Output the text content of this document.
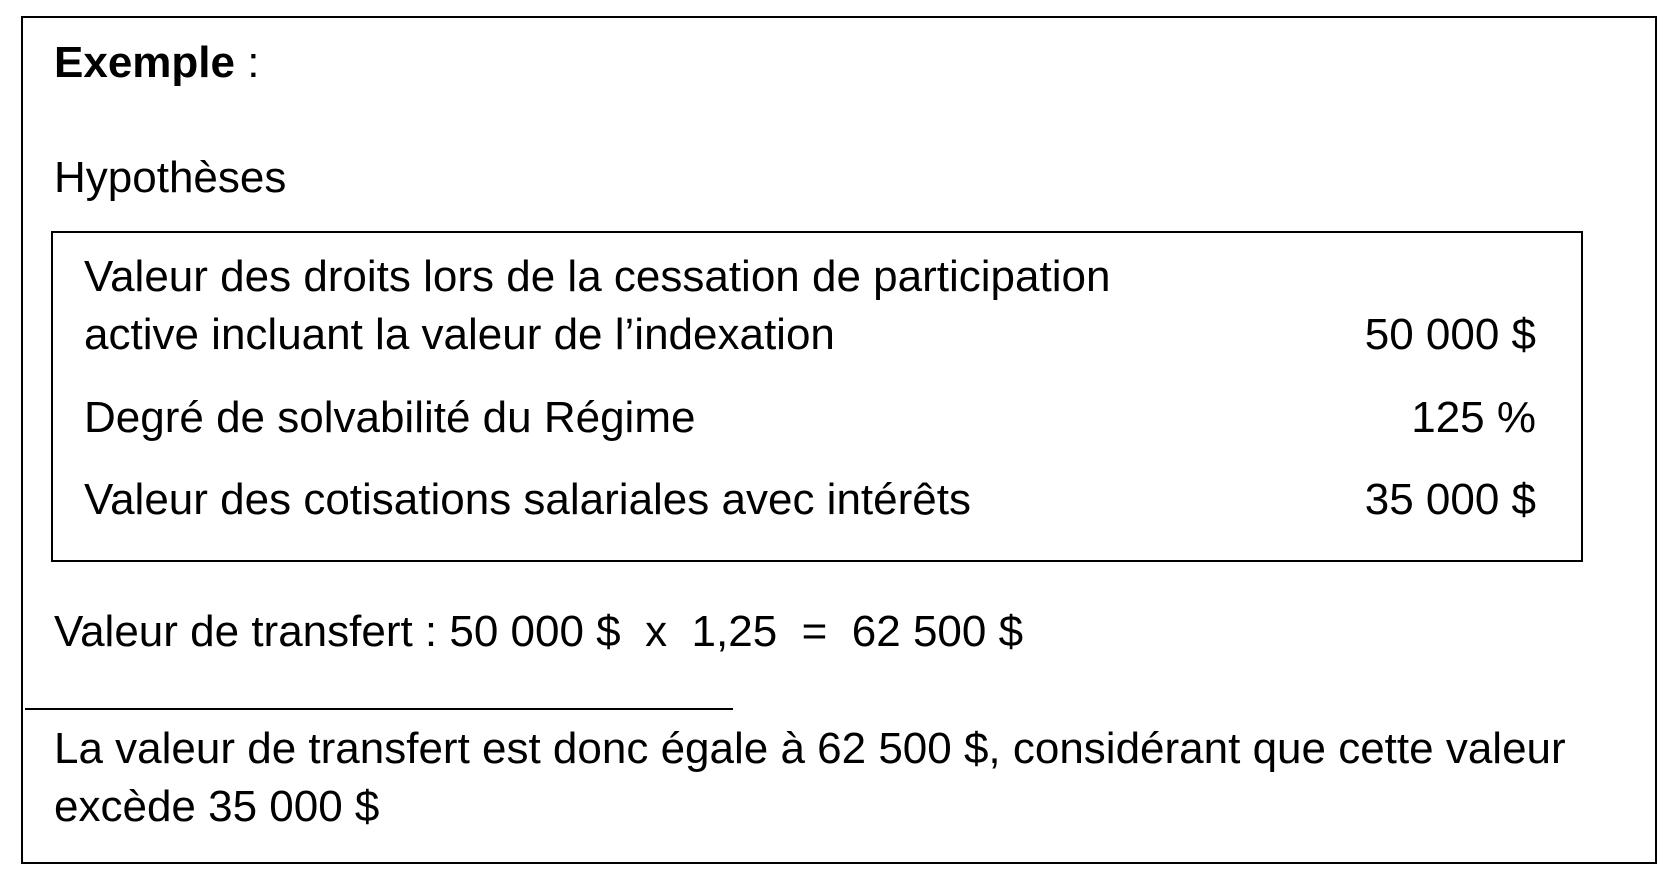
Exemple :
Hypothèses
Valeur des droits lors de la cessation de participation
active incluant la valeur de l’indexation	50 000 $
Degré de solvabilité du Régime	125 %
Valeur des cotisations salariales avec intérêts	35 000 $
Valeur de transfert : 50 000 $  x  1,25  =  62 500 $
La valeur de transfert est donc égale à 62 500 $, considérant que cette valeur excède 35 000 $
